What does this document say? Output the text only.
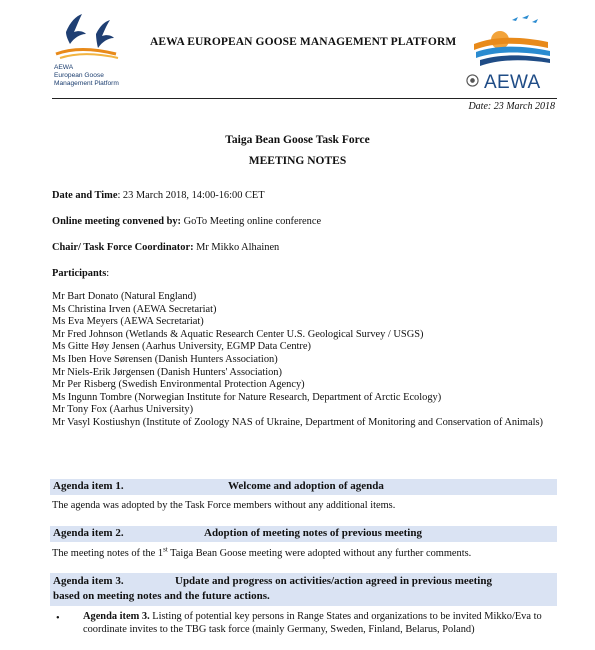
AEWA
European Goose
Management Platform
AEWA EUROPEAN GOOSE MANAGEMENT PLATFORM
AEWA
Date: 23 March 2018
Taiga Bean Goose Task Force
MEETING NOTES
Date and Time: 23 March 2018, 14:00-16:00 CET
Online meeting convened by: GoTo Meeting online conference
Chair/ Task Force Coordinator: Mr Mikko Alhainen
Participants:
Mr Bart Donato (Natural England)
Ms Christina Irven (AEWA Secretariat)
Ms Eva Meyers (AEWA Secretariat)
Mr Fred Johnson (Wetlands & Aquatic Research Center U.S. Geological Survey / USGS)
Ms Gitte Høy Jensen (Aarhus University, EGMP Data Centre)
Ms Iben Hove Sørensen (Danish Hunters Association)
Mr Niels-Erik Jørgensen (Danish Hunters' Association)
Mr Per Risberg (Swedish Environmental Protection Agency)
Ms Ingunn Tombre (Norwegian Institute for Nature Research, Department of Arctic Ecology)
Mr Tony Fox (Aarhus University)
Mr Vasyl Kostiushyn (Institute of Zoology NAS of Ukraine, Department of Monitoring and Conservation of Animals)
Agenda item 1.	Welcome and adoption of agenda
The agenda was adopted by the Task Force members without any additional items.
Agenda item 2.	Adoption of meeting notes of previous meeting
The meeting notes of the 1st Taiga Bean Goose meeting were adopted without any further comments.
Agenda item 3.	Update and progress on activities/action agreed in previous meeting
based on meeting notes and the future actions.
• Agenda item 3. Listing of potential key persons in Range States and organizations to be invited Mikko/Eva to coordinate invites to the TBG task force (mainly Germany, Sweden, Finland, Belarus, Poland)
